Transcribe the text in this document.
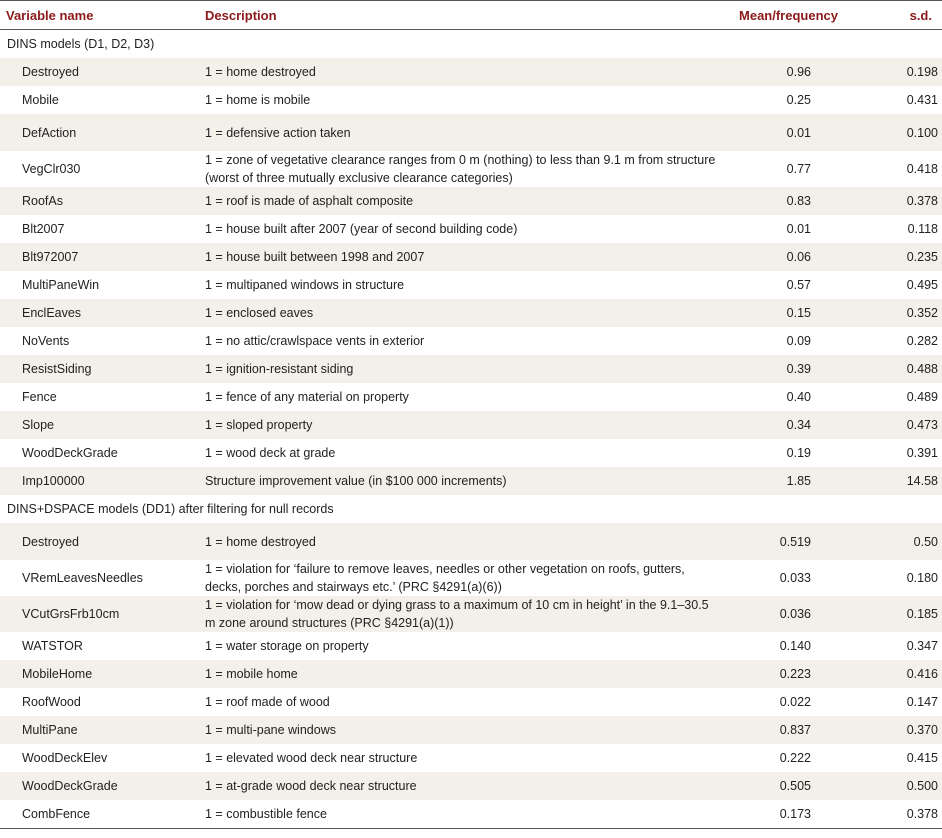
Variable name	Description	Mean/frequency	s.d.
DINS models (D1, D2, D3)			
Destroyed	1 = home destroyed	0.96	0.198
Mobile	1 = home is mobile	0.25	0.431
DefAction	1 = defensive action taken	0.01	0.100
VegClr030	1 = zone of vegetative clearance ranges from 0 m (nothing) to less than 9.1 m from structure (worst of three mutually exclusive clearance categories)	0.77	0.418
RoofAs	1 = roof is made of asphalt composite	0.83	0.378
Blt2007	1 = house built after 2007 (year of second building code)	0.01	0.118
Blt972007	1 = house built between 1998 and 2007	0.06	0.235
MultiPaneWin	1 = multipaned windows in structure	0.57	0.495
EnclEaves	1 = enclosed eaves	0.15	0.352
NoVents	1 = no attic/crawlspace vents in exterior	0.09	0.282
ResistSiding	1 = ignition-resistant siding	0.39	0.488
Fence	1 = fence of any material on property	0.40	0.489
Slope	1 = sloped property	0.34	0.473
WoodDeckGrade	1 = wood deck at grade	0.19	0.391
Imp100000	Structure improvement value (in $100 000 increments)	1.85	14.58
DINS+DSPACE models (DD1) after filtering for null records			
Destroyed	1 = home destroyed	0.519	0.50
VRemLeavesNeedles	1 = violation for ‘failure to remove leaves, needles or other vegetation on roofs, gutters, decks, porches and stairways etc.’ (PRC §4291(a)(6))	0.033	0.180
VCutGrsFrb10cm	1 = violation for ‘mow dead or dying grass to a maximum of 10 cm in height’ in the 9.1–30.5 m zone around structures (PRC §4291(a)(1))	0.036	0.185
WATSTOR	1 = water storage on property	0.140	0.347
MobileHome	1 = mobile home	0.223	0.416
RoofWood	1 = roof made of wood	0.022	0.147
MultiPane	1 = multi-pane windows	0.837	0.370
WoodDeckElev	1 = elevated wood deck near structure	0.222	0.415
WoodDeckGrade	1 = at-grade wood deck near structure	0.505	0.500
CombFence	1 = combustible fence	0.173	0.378
